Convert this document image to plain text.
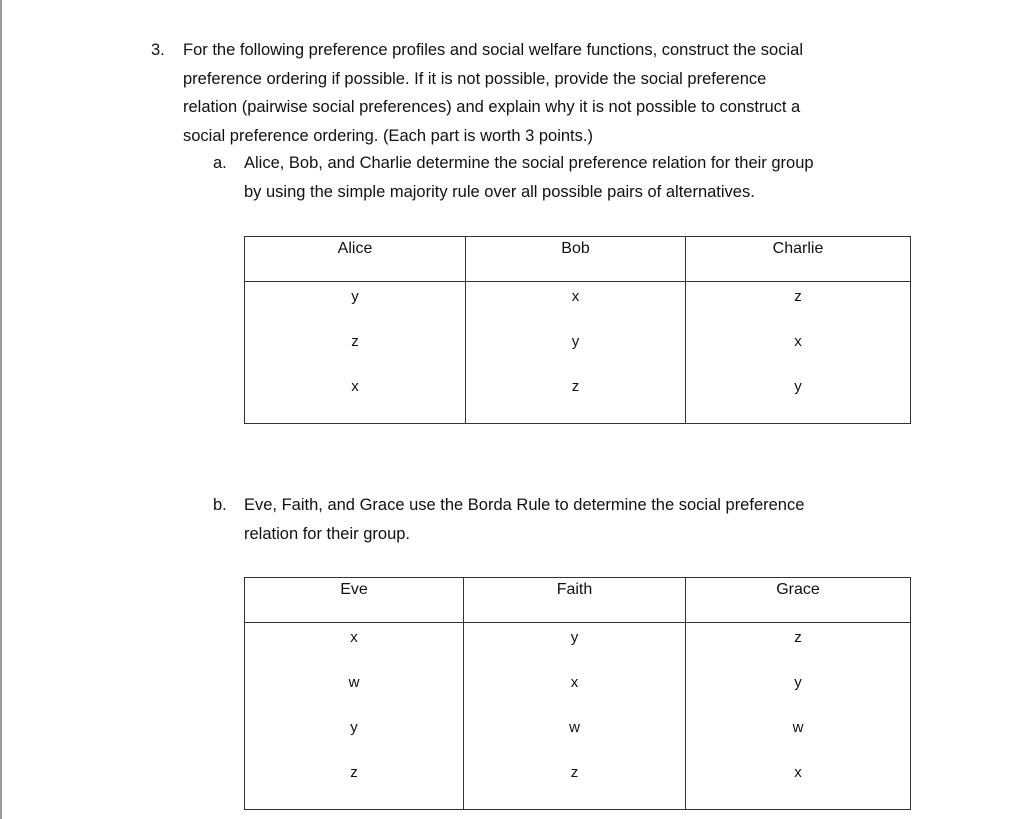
3. For the following preference profiles and social welfare functions, construct the social
preference ordering if possible. If it is not possible, provide the social preference
relation (pairwise social preferences) and explain why it is not possible to construct a
social preference ordering. (Each part is worth 3 points.)
a. Alice, Bob, and Charlie determine the social preference relation for their group
by using the simple majority rule over all possible pairs of alternatives.
Alice	Bob	Charlie

y
z
x	x
y
z	z
x
y
b. Eve, Faith, and Grace use the Borda Rule to determine the social preference
relation for their group.
Eve	Faith	Grace

x
w
y
z	y
x
w
z	z
y
w
x
